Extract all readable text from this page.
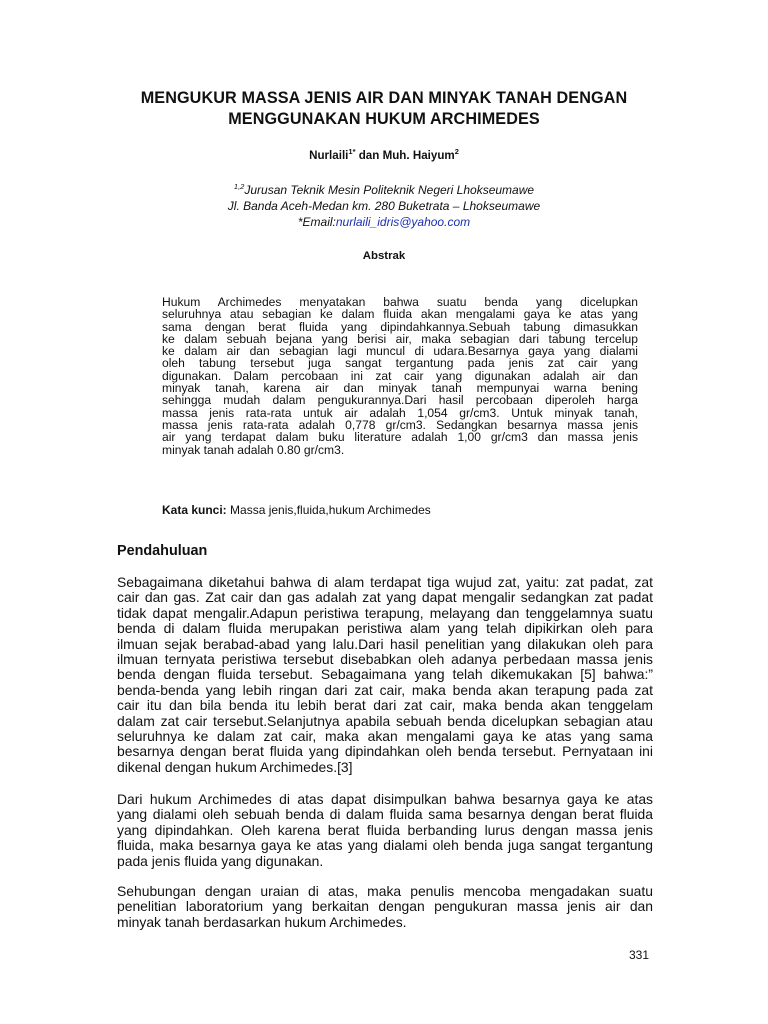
MENGUKUR MASSA JENIS AIR DAN MINYAK TANAH DENGAN
MENGGUNAKAN HUKUM ARCHIMEDES
Nurlaili$^{1*}$ dan Muh. Haiyum$^2$
$^{1,2}$Jurusan Teknik Mesin Politeknik Negeri Lhokseumawe
Jl. Banda Aceh-Medan km. 280 Buketrata – Lhokseumawe
*Email:nurlaili_idris@yahoo.com
Abstrak
Hukum Archimedes menyatakan bahwa suatu benda yang dicelupkan
seluruhnya atau sebagian ke dalam fluida akan mengalami gaya ke atas yang
sama dengan berat fluida yang dipindahkannya.Sebuah tabung dimasukkan
ke dalam sebuah bejana yang berisi air, maka sebagian dari tabung tercelup
ke dalam air dan sebagian lagi muncul di udara.Besarnya gaya yang dialami
oleh tabung tersebut juga sangat tergantung pada jenis zat cair yang
digunakan. Dalam percobaan ini zat cair yang digunakan adalah air dan
minyak tanah, karena air dan minyak tanah mempunyai warna bening
sehingga mudah dalam pengukurannya.Dari hasil percobaan diperoleh harga
massa jenis rata-rata untuk air adalah 1,054 gr/cm3. Untuk minyak tanah,
massa jenis rata-rata adalah 0,778 gr/cm3. Sedangkan besarnya massa jenis
air yang terdapat dalam buku literature adalah 1,00 gr/cm3 dan massa jenis
minyak tanah adalah 0.80 gr/cm3.
Kata kunci: Massa jenis,fluida,hukum Archimedes
Pendahuluan
Sebagaimana diketahui bahwa di alam terdapat tiga wujud zat, yaitu: zat padat, zat
cair dan gas. Zat cair dan gas adalah zat yang dapat mengalir sedangkan zat padat
tidak dapat mengalir.Adapun peristiwa terapung, melayang dan tenggelamnya suatu
benda di dalam fluida merupakan peristiwa alam yang telah dipikirkan oleh para
ilmuan sejak berabad-abad yang lalu.Dari hasil penelitian yang dilakukan oleh para
ilmuan ternyata peristiwa tersebut disebabkan oleh adanya perbedaan massa jenis
benda dengan fluida tersebut. Sebagaimana yang telah dikemukakan [5] bahwa:”
benda-benda yang lebih ringan dari zat cair, maka benda akan terapung pada zat
cair itu dan bila benda itu lebih berat dari zat cair, maka benda akan tenggelam
dalam zat cair tersebut.Selanjutnya apabila sebuah benda dicelupkan sebagian atau
seluruhnya ke dalam zat cair, maka akan mengalami gaya ke atas yang sama
besarnya dengan berat fluida yang dipindahkan oleh benda tersebut. Pernyataan ini
dikenal dengan hukum Archimedes.[3]
Dari hukum Archimedes di atas dapat disimpulkan bahwa besarnya gaya ke atas
yang dialami oleh sebuah benda di dalam fluida sama besarnya dengan berat fluida
yang dipindahkan. Oleh karena berat fluida berbanding lurus dengan massa jenis
fluida, maka besarnya gaya ke atas yang dialami oleh benda juga sangat tergantung
pada jenis fluida yang digunakan.
Sehubungan dengan uraian di atas, maka penulis mencoba mengadakan suatu
penelitian laboratorium yang berkaitan dengan pengukuran massa jenis air dan
minyak tanah berdasarkan hukum Archimedes.
331
